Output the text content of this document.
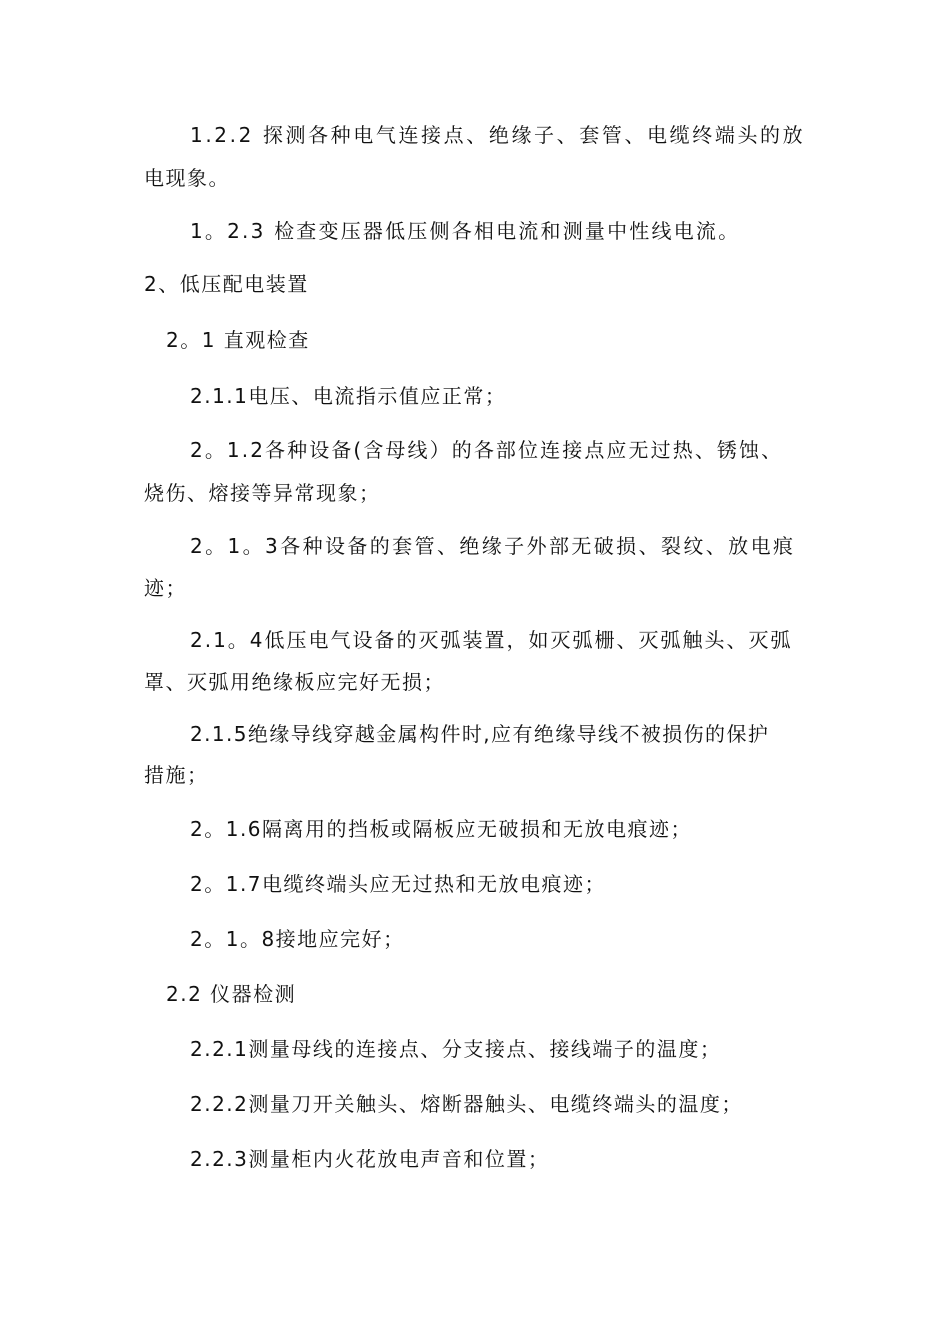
1.2.2 探测各种电气连接点、绝缘子、套管、电缆终端头的放
电现象。
1。2.3 检查变压器低压侧各相电流和测量中性线电流。
2、低压配电装置
2。1 直观检查
2.1.1电压、电流指示值应正常；
2。1.2各种设备(含母线）的各部位连接点应无过热、锈蚀、
烧伤、熔接等异常现象；
2。1。3各种设备的套管、绝缘子外部无破损、裂纹、放电痕
迹；
2.1。4低压电气设备的灭弧装置，如灭弧栅、灭弧触头、灭弧
罩、灭弧用绝缘板应完好无损；
2.1.5绝缘导线穿越金属构件时,应有绝缘导线不被损伤的保护
措施；
2。1.6隔离用的挡板或隔板应无破损和无放电痕迹；
2。1.7电缆终端头应无过热和无放电痕迹；
2。1。8接地应完好；
2.2 仪器检测
2.2.1测量母线的连接点、分支接点、接线端子的温度；
2.2.2测量刀开关触头、熔断器触头、电缆终端头的温度；
2.2.3测量柜内火花放电声音和位置；
